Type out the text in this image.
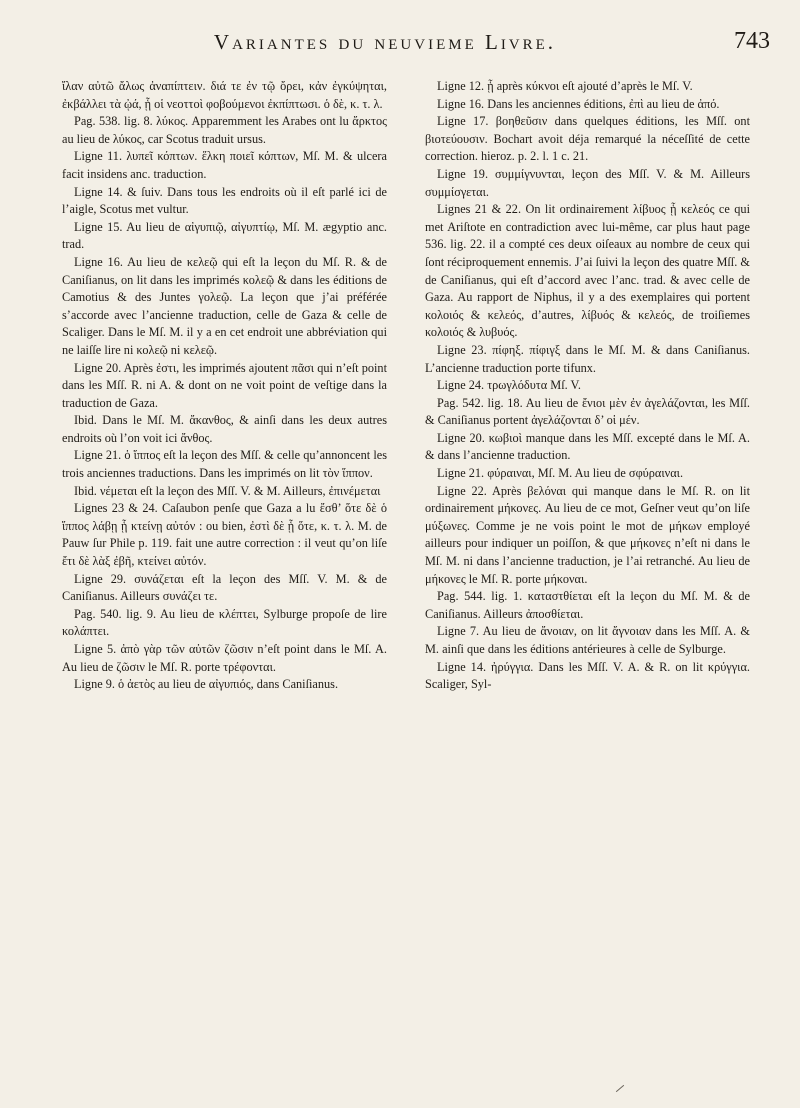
Variantes du neuvieme Livre.	743

ἴλαν αὐτῶ ἄλως ἀναπίπτειν. διά τε ἐν τῷ ὄρει, κἀν ἐγκύψηται, ἐκβάλλει τὰ ᾠά, ᾗ οἱ νεοττοὶ φοβούμενοι ἐκπίπτωσι. ὁ δὲ, κ. τ. λ.

Pag. 538. lig. 8. λύκος. Apparemment les Arabes ont lu ἄρκτος au lieu de λύκος, car Scotus traduit ursus.

Ligne 11. λυπεῖ κόπτων. ἕλκη ποιεῖ κόπτων, Mſ. M. & ulcera facit insidens anc. traduction.

Ligne 14. & ſuiv. Dans tous les endroits où il eſt parlé ici de l’aigle, Scotus met vultur.

Ligne 15. Au lieu de αἰγυπιῷ, αἰγυπτίῳ, Mſ. M. ægyptio anc. trad.

Ligne 16. Au lieu de κελεῷ qui eſt la leçon du Mſ. R. & de Caniſianus, on lit dans les imprimés κολεῷ & dans les éditions de Camotius & des Juntes γολεῷ. La leçon que j’ai préférée s’accorde avec l’ancienne traduction, celle de Gaza & celle de Scaliger. Dans le Mſ. M. il y a en cet endroit une abbréviation qui ne laiſſe lire ni κολεῷ ni κελεῷ.

Ligne 20. Après ἐστι, les imprimés ajoutent πᾶσι qui n’eſt point dans les Mſſ. R. ni A. & dont on ne voit point de veſtige dans la traduction de Gaza.

Ibid. Dans le Mſ. M. ἄκανθος, & ainſi dans les deux autres endroits où l’on voit ici ἄνθος.

Ligne 21. ὁ ἵππος eſt la leçon des Mſſ. & celle qu’annoncent les trois anciennes traductions. Dans les imprimés on lit τὸν ἵππον.

Ibid. νέμεται eſt la leçon des Mſſ. V. & M. Ailleurs, ἐπινέμεται

Lignes 23 & 24. Caſaubon penſe que Gaza a lu ἔσθ’ ὅτε δὲ ὁ ἵππος λάβῃ ᾗ κτείνῃ αὐτόν : ou bien, ἐστὶ δὲ ᾗ ὅτε, κ. τ. λ. M. de Pauw ſur Phile p. 119. fait une autre correction : il veut qu’on liſe ἔτι δὲ λὰξ ἐβῆ, κτείνει αὐτόν.

Ligne 29. συνάζεται eſt la leçon des Mſſ. V. M. & de Caniſianus. Ailleurs συνάζει τε.

Pag. 540. lig. 9. Au lieu de κλέπτει, Sylburge propoſe de lire κολάπτει.

Ligne 5. ἀπὸ γὰρ τῶν αὐτῶν ζῶσιν n’eſt point dans le Mſ. A. Au lieu de ζῶσιν le Mſ. R. porte τρέφονται.

Ligne 9. ὁ ἀετὸς au lieu de αἰγυπιός, dans Caniſianus.

Ligne 12. ᾗ après κύκνοι eſt ajouté d’après le Mſ. V.

Ligne 16. Dans les anciennes éditions, ἐπὶ au lieu de ἀπό.

Ligne 17. βοηθεῦσιν dans quelques éditions, les Mſſ. ont βιοτεύουσιν. Bochart avoit déja remarqué la néceſſité de cette correction. hieroz. p. 2. l. 1 c. 21.

Ligne 19. συμμίγνυνται, leçon des Mſſ. V. & M. Ailleurs συμμίσγεται.

Lignes 21 & 22. On lit ordinairement λίβυος ᾗ κελεός ce qui met Ariſtote en contradiction avec lui-même, car plus haut page 536. lig. 22. il a compté ces deux oiſeaux au nombre de ceux qui ſont réciproquement ennemis. J’ai ſuivi la leçon des quatre Mſſ. & de Caniſianus, qui eſt d’accord avec l’anc. trad. & avec celle de Gaza. Au rapport de Niphus, il y a des exemplaires qui portent κολοιός & κελεός, d’autres, λίβυός & κελεός, de troiſiemes κολοιός & λυβυός.

Ligne 23. πίφηξ. πίφιγξ dans le Mſ. M. & dans Caniſianus. L’ancienne traduction porte tifunx.

Ligne 24. τρωγλόδυτα Mſ. V.

Pag. 542. lig. 18. Au lieu de ἔνιοι μὲν ἐν ἀγελάζονται, les Mſſ. & Caniſianus portent ἀγελάζονται δ’ οἱ μέν.

Ligne 20. κωβιοὶ manque dans les Mſſ. excepté dans le Mſ. A. & dans l’ancienne traduction.

Ligne 21. φύραιναι, Mſ. M. Au lieu de σφύραιναι.

Ligne 22. Après βελόναι qui manque dans le Mſ. R. on lit ordinairement μήκονες. Au lieu de ce mot, Geſner veut qu’on liſe μύξωνες. Comme je ne vois point le mot de μήκων employé ailleurs pour indiquer un poiſſon, & que μήκονες n’eſt ni dans le Mſ. M. ni dans l’ancienne traduction, je l’ai retranché. Au lieu de μήκονες le Mſ. R. porte μήκοναι.

Pag. 544. lig. 1. καταστθίεται eſt la leçon du Mſ. M. & de Caniſianus. Ailleurs ἀποσθίεται.

Ligne 7. Au lieu de ἄνοιαν, on lit ἄγνοιαν dans les Mſſ. A. & M. ainſi que dans les éditions antérieures à celle de Sylburge.

Ligne 14. ἠρύγγια. Dans les Mſſ. V. A. & R. on lit κρύγγια. Scaliger, Syl-
